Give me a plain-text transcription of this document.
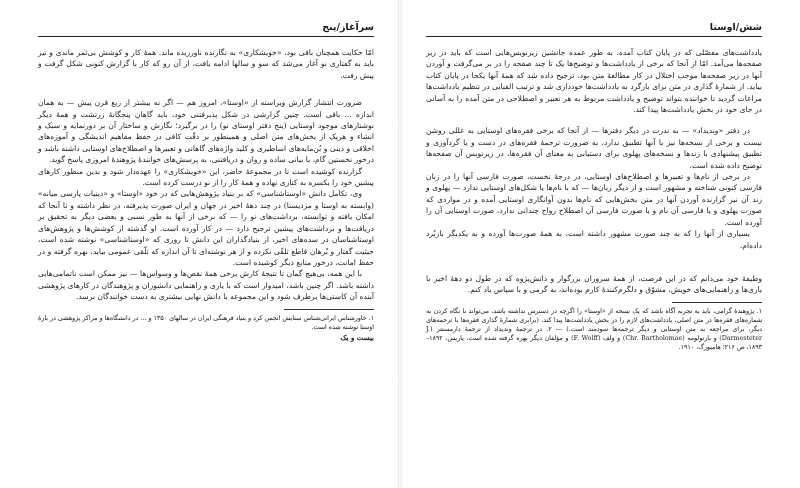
سرآغاز/پنج

امّا حکایت همچنان باقی بود، «خویشکاری» به نگارنده ناورزیده ماند. همهٔ کار و کوشش بی‌ثمر ماندی و نیز باید به گفتاری نو آغاز می‌شد که سو و سالها ادامه یافت، از آن رو که کار با گزارش کنونی شکل گرفت و پیش رفت.

ضرورت انتشار گزارش ویراسته از «اوستا»، امروز هم — اگر نه بیشتر از ربع قرن پیش — به همان اندازه ... باقی است. چنین گزارشی در شکل پذیرفتنی خود، باید گاهان پنجگانهٔ زرتشت و همهٔ دیگر نوشتارهای موجود اوستایی (پنج دفتر اوستای نو) را در برگیرد؛ نگارش و ساختار آن بر دورنمایه و سبک و انشاء و هریک از بخش‌های متن اصلی و همینطور بر دقّت کافی در حفظ مفاهیم اندیشگی و آموزه‌های اخلاقی و دینی و بُن‌مایه‌های اساطیری و کلید واژه‌های گاهانی و تعبیرها و اصطلاح‌های اوستایی داشته باشد و درخور نخستین گام، با بیانی ساده و روان و دریافتنی، به پرسش‌های خوانندهٔ پژوهندهٔ امروزی پاسخ گوید.

گزارنده کوشیده است تا در مجموعهٔ حاضر، این «خویشکاری» را عهده‌دار شود و بدین منظور کارهای پیشین خود را یکسره به کناری نهاده و همهٔ کار را از نو درست کرده است.

وی، تکامل دانش «اوستاشناسی» که بر بنیاد پژوهش‌هایی که در خود «اوستا» و «دینیات پارسی میانه» (وابسته به اوستا و مزدیسنا) در چند دههٔ اخیر در جهان و ایران صورت پذیرفته، در نظر داشته و تا آنجا که امکان یافته و توانسته، برداشت‌های نو را — که برخی از آنها به طور نسبی و بعضی دیگر به تحقیق بر دریافت‌ها و برداشت‌های پیشین ترجیح دارد — در کار آورده است. او گذشته از کوشش‌ها و پژوهش‌های اوستاشناسان در سده‌های اخیر، از بنیادگذاران این دانش تا روزی که «اوستاشناسی» نوشته شده است، حیثیت گفتار و بُرهان قاطع تلقّی نکرده و از هر نوشته‌ای تا آن اندازه که تلّقی عمومی بیاید، بهره گرفته و در حفظ امانت، درخور منابع دیگر کوشیده است.

با این همه، بی‌هیچ گمان تا نتیجهٔ کارش برخی همهٔ نقص‌ها و وسواس‌ها — نیز ممکن است ناتمامی‌هایی داشته باشد. اگر چنین باشد، امیدوار است که با یاری و راهنمایی دانشوران و پژوهندگان در کارهای پژوهشی آینده آن کاستی‌ها برطرف شود و این مجموعه با دانش نهایی بیشتری به دست خوانندگان برسد.

۱. خاورشناس ایرانی‌شناس ستایش انجمن کرد و بنیاد فرهنگی ایران در سالهای ۱۳۵۰ و ... در دانشگاه‌ها و مراکز پژوهشی در بارهٔ اوستا نوشته شده است.

بیست و یک

شش/اوستا

یادداشت‌های مفصّلی که در پایان کتاب آمده، به طور عمده جانشین زیرنویس‌هایی است که باید در زیر صفحه‌ها می‌آمد. امّا از آنجا که برخی از یادداشت‌ها و توضیح‌ها یک تا چند صفحه را در بر می‌گرفت و آوردن آنها در زیر صفحه‌ها موجب اختلال در کار مطالعهٔ متن بود، ترجیح داده شد که همهٔ آنها یکجا در پایان کتاب بیاید. از شمارهٔ گذاری در متن برای بازگرد به یادداشت‌ها خودداری شد و ترتیب الفبایی در تنظیم یادداشت‌ها مراعات گردید تا خواننده بتواند توضیح و یادداشت مربوط به هر تعبیر و اصطلاحی در متن آمده را به آسانی در جای خود در بخش یادداشت‌ها پیدا کند.

در دفتر «وندیداد» — به ندرت در دیگر دفترها — از آنجا که برخی فقره‌های اوستایی به عللی روشن نیست و برخی از نسخه‌ها نیز با آنها تطبیق ندارد، به ضرورت ترجمهٔ فقره‌های در دست و یا گردآوری و تطبیق پیشنهادی با زندها و نسخه‌های پهلوی برای دستیابی به معنای آن فقره‌ها، در زیرنویس آن صفحه‌ها توضیح داده شده است.

در برخی از نام‌ها و تعبیرها و اصطلاح‌های اوستایی، در درجهٔ نخست، صورت فارسی آنها را در زبان فارسی کنونی شناخته و مشهور است و از دیگر زبان‌ها — که با نام‌ها یا شکل‌های اوستایی ندارد — پهلوی و زند آن نیز گزارنده آوردن آنها در متن بخش‌هایی که نام‌ها بدون آوانگاری اوستایی آمده و در مواردی که صورت پهلوی و یا فارسی آن نام و یا صورت فارسی آن اصطلاح رواج چندانی ندارد، صورت اوستایی آن را آورده است.

بسیاری از آنها را که به چند صورت مشهور داشته است، به همهٔ صورت‌ها آورده و به یکدیگر بازبُرد داده‌ام.

وظیفهٔ خود می‌دانم که در این فرصت، از همهٔ سروران بزرگوار و دانش‌پژوه که در طول دو دههٔ اخیر با یاری‌ها و راهنمایی‌های خویش، مشوّق و دلگرم‌کنندهٔ کارم بوده‌اند، به گرمی و با سپاس یاد کنم.

۱. پژوهندهٔ گرامی، باید به تجربه آگاه باشد که یک نسخه از «اوستا» را اگرچه در دسترس نداشته باشد، می‌تواند با نگاه کردن به شماره‌های فقره‌ها در متن اصلی، یادداشت‌های لازم را در بخش یادداشت‌ها پیدا کند. (برابری شمارهٔ گذاری فقره‌ها با ترجمه‌های دیگر، برای مراجعه به متن اوستایی و دیگر ترجمه‌ها سودمند است.) — ۲. در ترجمهٔ وندیداد از ترجمهٔ دارمستتر (J. Darmesteter) و بارتولومه (Chr. Bartholomae) و ولف (F. Wolff) و مؤلفان دیگر بهره گرفته شده است. پاریس، ۱۸۹۲–۱۸۹۳، ص ۲۱۶؛ هامبورگ، ۱۹۱۰.
